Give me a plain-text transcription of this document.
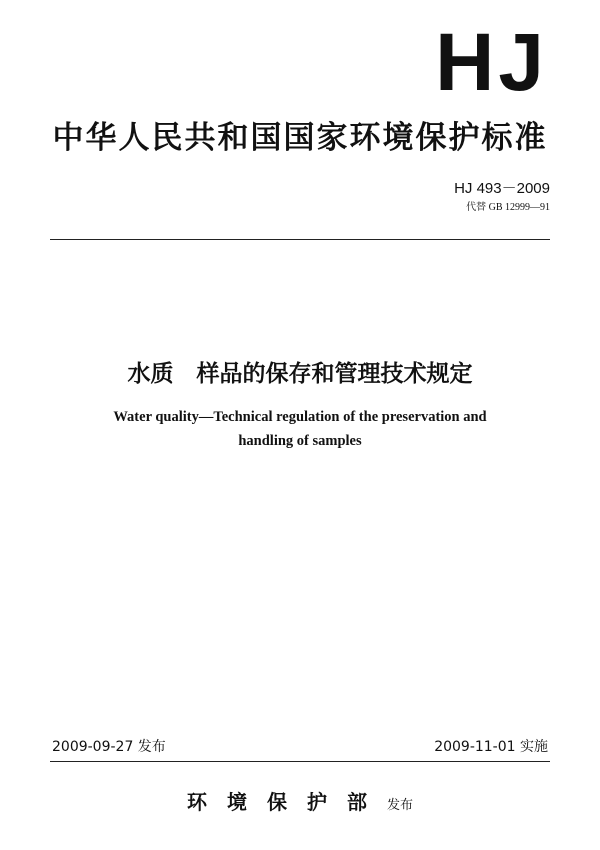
HJ
中华人民共和国国家环境保护标准
HJ 493－2009
代替 GB 12999—91
水质　样品的保存和管理技术规定
Water quality—Technical regulation of the preservation and
handling of samples
2009-09-27 发布	2009-11-01 实施
环境保护部发布
